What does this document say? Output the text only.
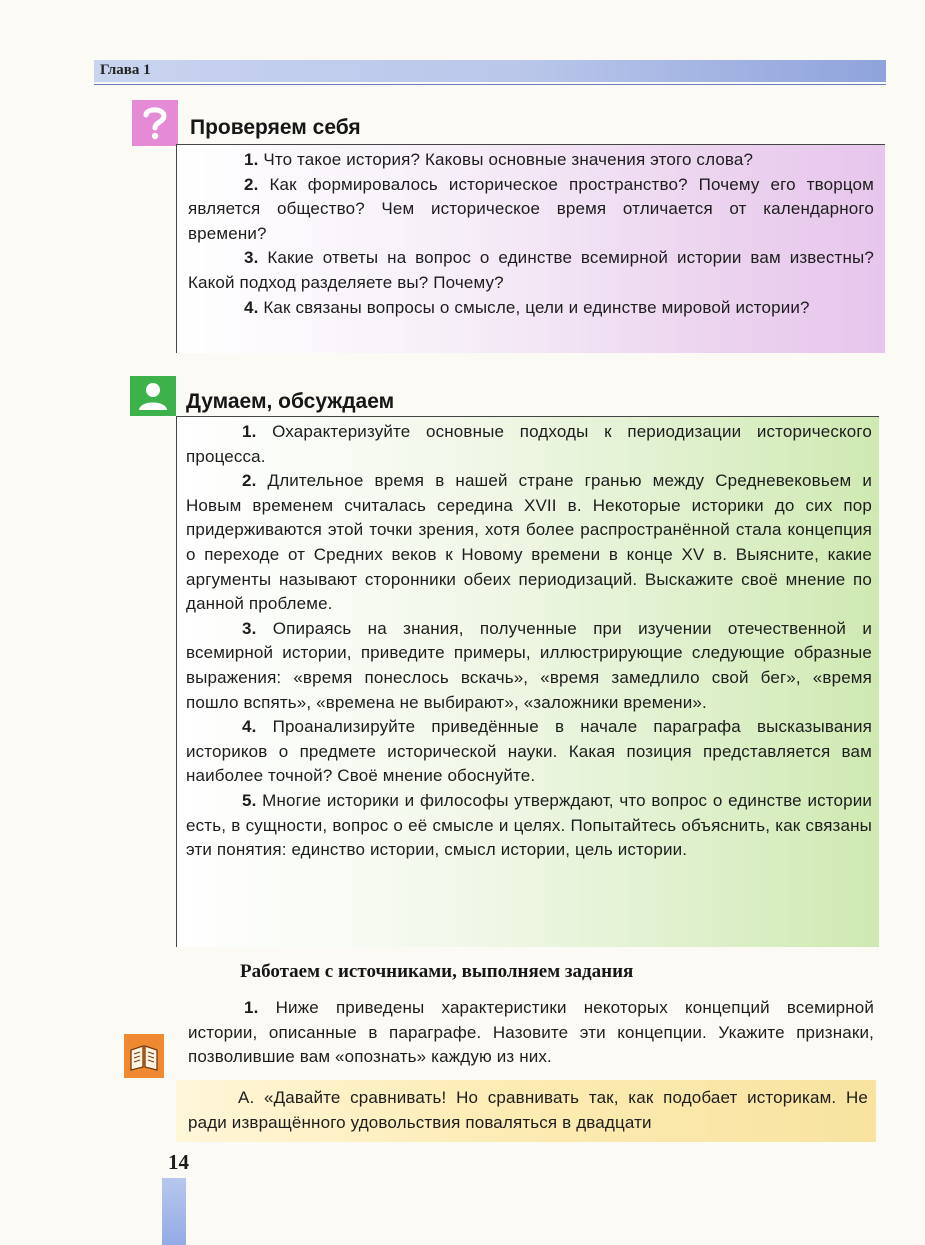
Глава 1
Проверяем себя

1. Что такое история? Каковы основные значения этого слова?

2. Как формировалось историческое пространство? Почему его творцом является общество? Чем историческое время отличается от календарного времени?

3. Какие ответы на вопрос о единстве всемирной истории вам известны? Какой подход разделяете вы? Почему?

4. Как связаны вопросы о смысле, цели и единстве мировой истории?

Думаем, обсуждаем

1. Охарактеризуйте основные подходы к периодизации исторического процесса.

2. Длительное время в нашей стране гранью между Средневековьем и Новым временем считалась середина XVII в. Некоторые историки до сих пор придерживаются этой точки зрения, хотя более распространённой стала концепция о переходе от Средних веков к Новому времени в конце XV в. Выясните, какие аргументы называют сторонники обеих периодизаций. Выскажите своё мнение по данной проблеме.

3. Опираясь на знания, полученные при изучении отечественной и всемирной истории, приведите примеры, иллюстрирующие следующие образные выражения: «время понеслось вскачь», «время замедлило свой бег», «время пошло вспять», «времена не выбирают», «заложники времени».

4. Проанализируйте приведённые в начале параграфа высказывания историков о предмете исторической науки. Какая позиция представляется вам наиболее точной? Своё мнение обоснуйте.

5. Многие историки и философы утверждают, что вопрос о единстве истории есть, в сущности, вопрос о её смысле и целях. Попытайтесь объяснить, как связаны эти понятия: единство истории, смысл истории, цель истории.

Работаем с источниками, выполняем задания

1. Ниже приведены характеристики некоторых концепций всемирной истории, описанные в параграфе. Назовите эти концепции. Укажите признаки, позволившие вам «опознать» каждую из них.

А. «Давайте сравнивать! Но сравнивать так, как подобает историкам. Не ради извращённого удовольствия поваляться в двадцати

14
